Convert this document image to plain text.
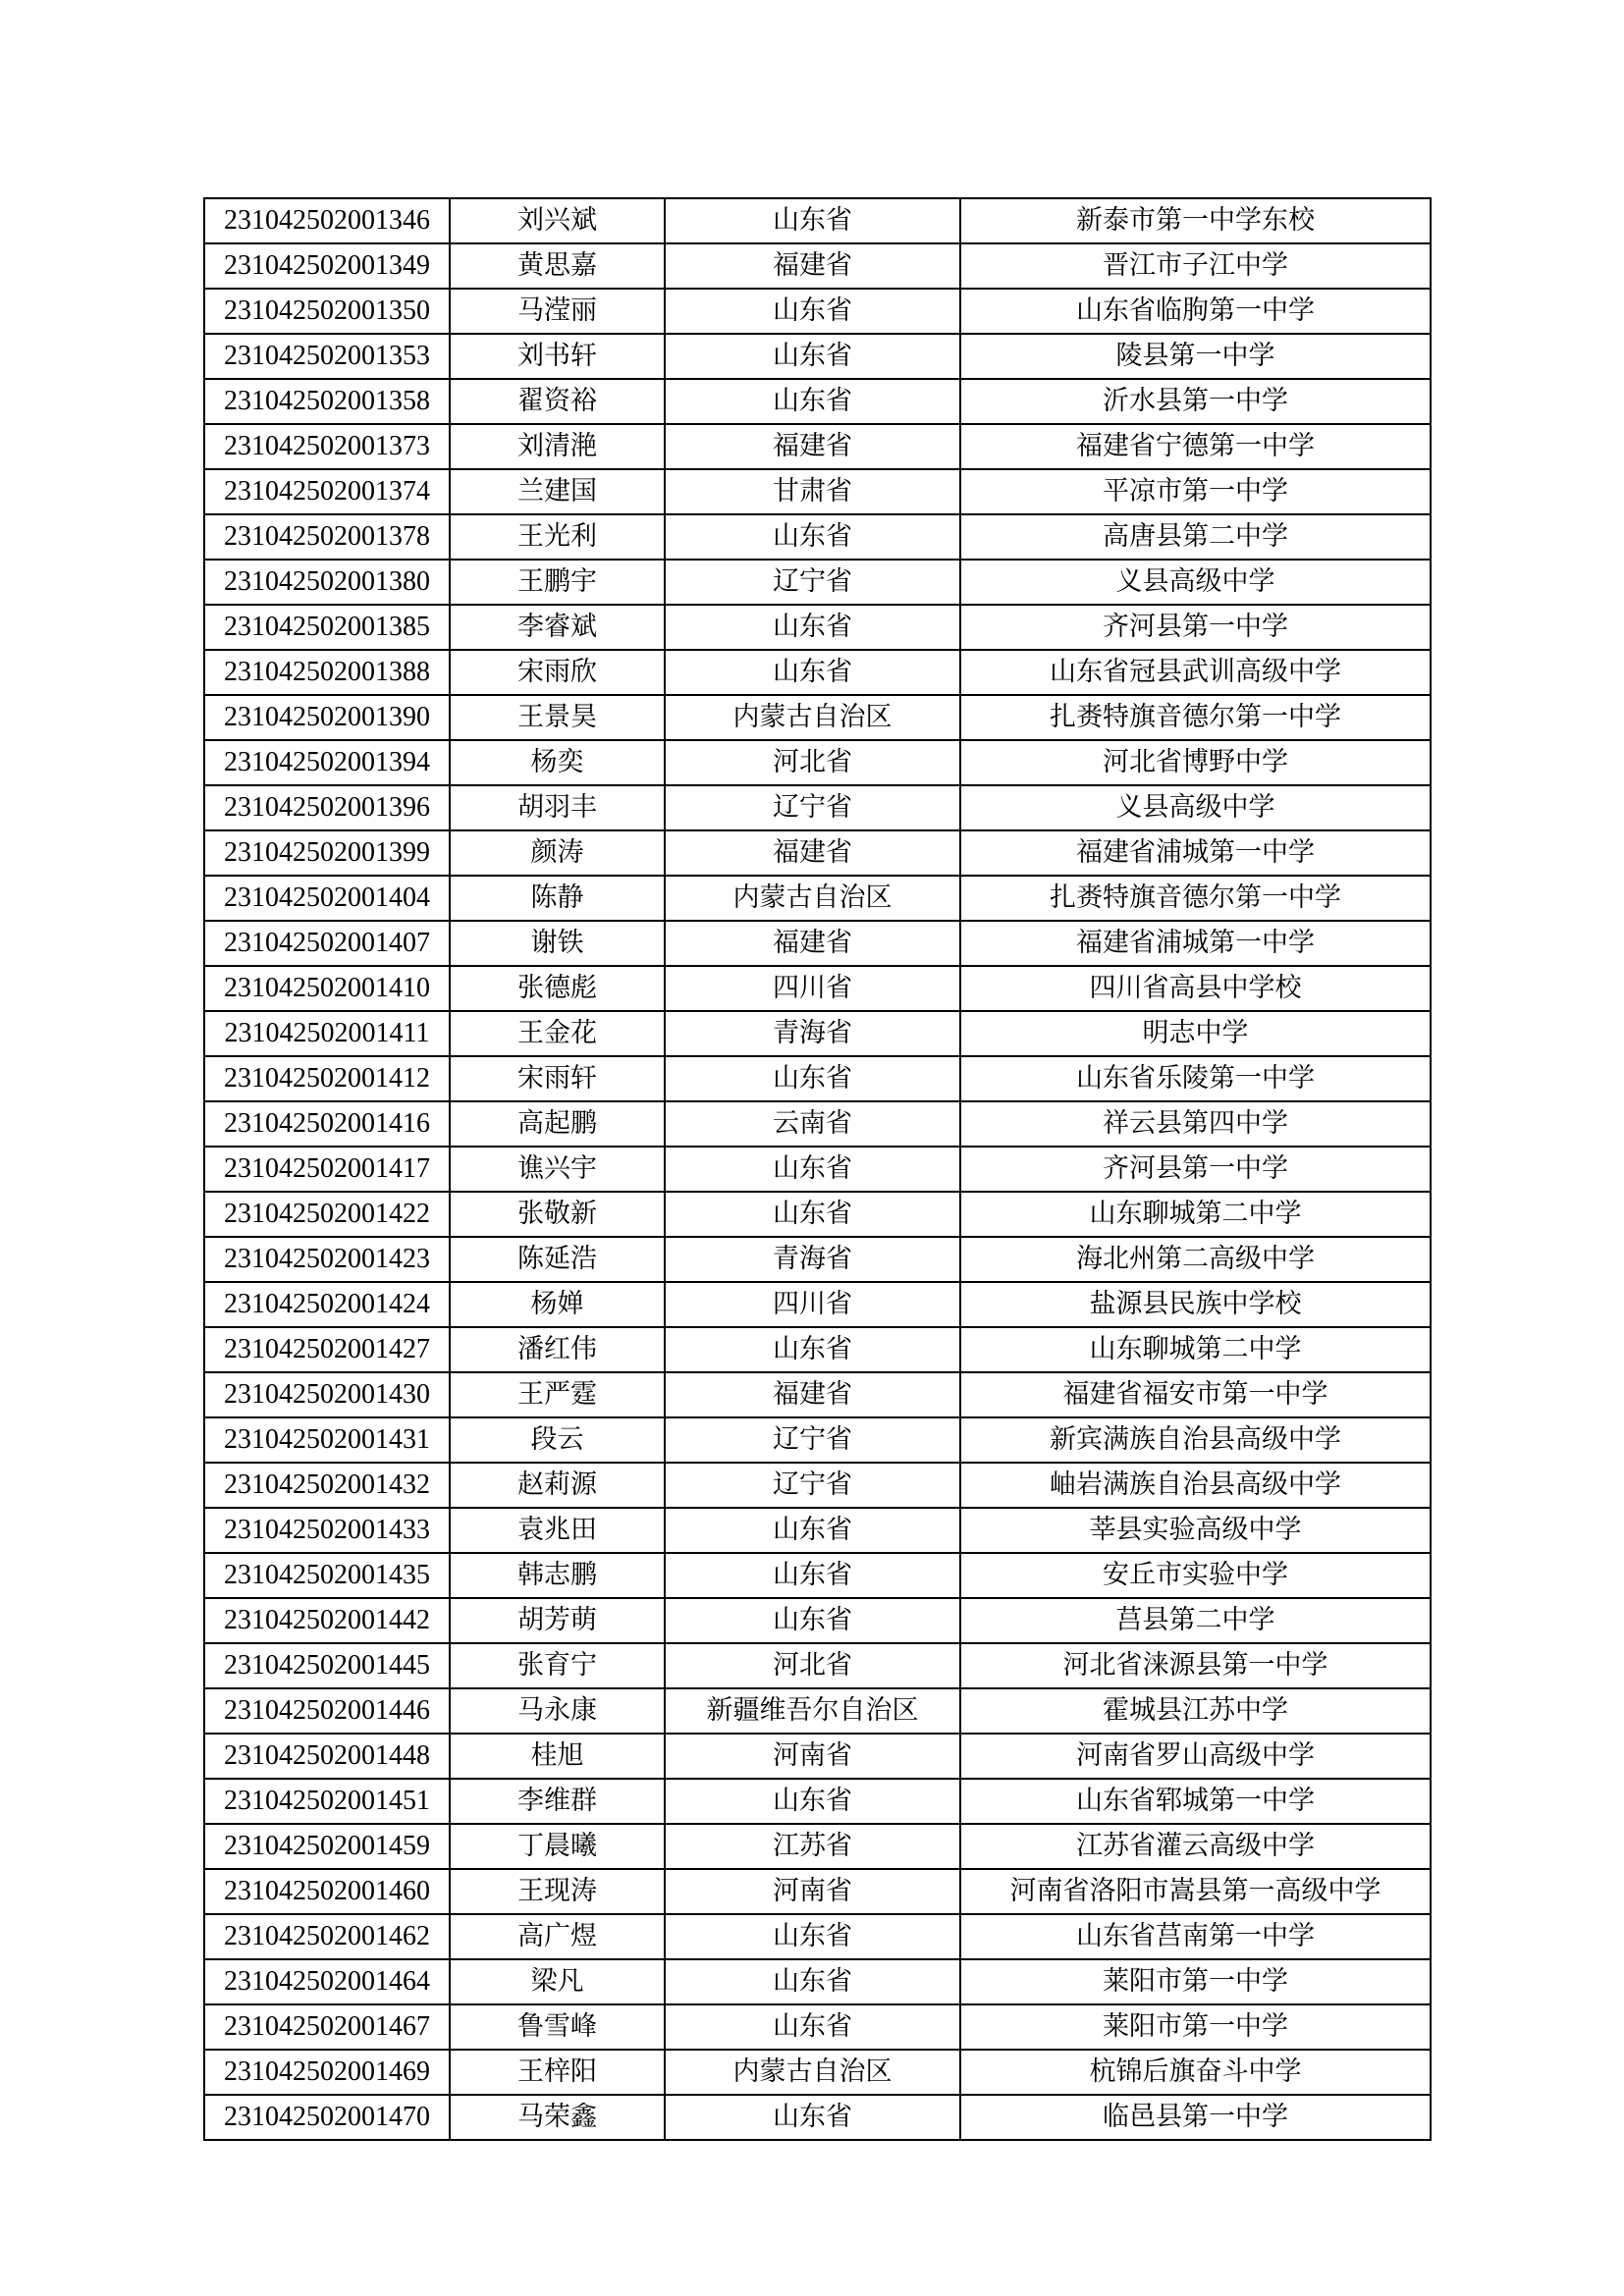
231042502001346	刘兴斌	山东省	新泰市第一中学东校
231042502001349	黄思嘉	福建省	晋江市子江中学
231042502001350	马滢丽	山东省	山东省临朐第一中学
231042502001353	刘书轩	山东省	陵县第一中学
231042502001358	翟资裕	山东省	沂水县第一中学
231042502001373	刘清滟	福建省	福建省宁德第一中学
231042502001374	兰建国	甘肃省	平凉市第一中学
231042502001378	王光利	山东省	高唐县第二中学
231042502001380	王鹏宇	辽宁省	义县高级中学
231042502001385	李睿斌	山东省	齐河县第一中学
231042502001388	宋雨欣	山东省	山东省冠县武训高级中学
231042502001390	王景昊	内蒙古自治区	扎赉特旗音德尔第一中学
231042502001394	杨奕	河北省	河北省博野中学
231042502001396	胡羽丰	辽宁省	义县高级中学
231042502001399	颜涛	福建省	福建省浦城第一中学
231042502001404	陈静	内蒙古自治区	扎赉特旗音德尔第一中学
231042502001407	谢铁	福建省	福建省浦城第一中学
231042502001410	张德彪	四川省	四川省高县中学校
231042502001411	王金花	青海省	明志中学
231042502001412	宋雨轩	山东省	山东省乐陵第一中学
231042502001416	高起鹏	云南省	祥云县第四中学
231042502001417	谯兴宇	山东省	齐河县第一中学
231042502001422	张敬新	山东省	山东聊城第二中学
231042502001423	陈延浩	青海省	海北州第二高级中学
231042502001424	杨婵	四川省	盐源县民族中学校
231042502001427	潘红伟	山东省	山东聊城第二中学
231042502001430	王严霆	福建省	福建省福安市第一中学
231042502001431	段云	辽宁省	新宾满族自治县高级中学
231042502001432	赵莉源	辽宁省	岫岩满族自治县高级中学
231042502001433	袁兆田	山东省	莘县实验高级中学
231042502001435	韩志鹏	山东省	安丘市实验中学
231042502001442	胡芳萌	山东省	莒县第二中学
231042502001445	张育宁	河北省	河北省涞源县第一中学
231042502001446	马永康	新疆维吾尔自治区	霍城县江苏中学
231042502001448	桂旭	河南省	河南省罗山高级中学
231042502001451	李维群	山东省	山东省郓城第一中学
231042502001459	丁晨曦	江苏省	江苏省灌云高级中学
231042502001460	王现涛	河南省	河南省洛阳市嵩县第一高级中学
231042502001462	高广煜	山东省	山东省莒南第一中学
231042502001464	梁凡	山东省	莱阳市第一中学
231042502001467	鲁雪峰	山东省	莱阳市第一中学
231042502001469	王梓阳	内蒙古自治区	杭锦后旗奋斗中学
231042502001470	马荣鑫	山东省	临邑县第一中学
